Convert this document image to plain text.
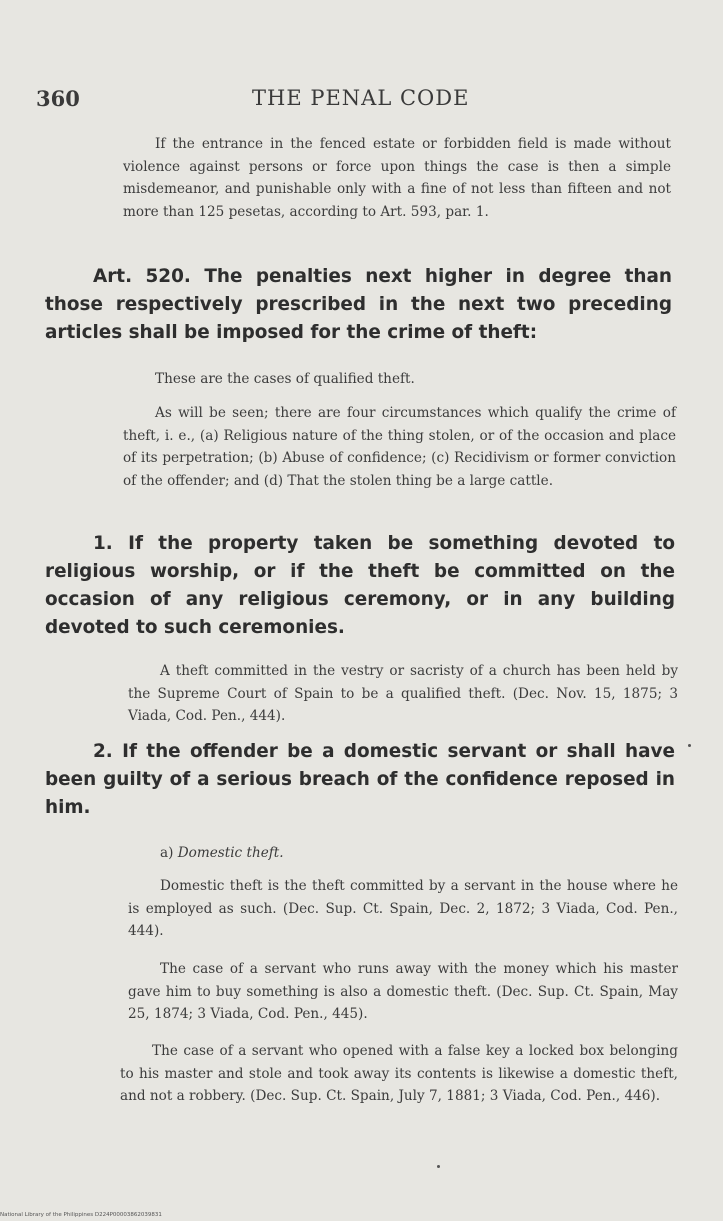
360	THE PENAL CODE

If the entrance in the fenced estate or forbidden field is made without violence against persons or force upon things the case is then a simple misdemeanor, and punishable only with a fine of not less than fifteen and not more than 125 pesetas, according to Art. 593, par. 1.

Art. 520. The penalties next higher in degree than those respectively prescribed in the next two preceding articles shall be imposed for the crime of theft:

These are the cases of qualified theft.

As will be seen; there are four circumstances which qualify the crime of theft, i. e., (a) Religious nature of the thing stolen, or of the occasion and place of its perpetration; (b) Abuse of confidence; (c) Recidivism or former conviction of the offender; and (d) That the stolen thing be a large cattle.

1. If the property taken be something devoted to religious worship, or if the theft be committed on the occasion of any religious ceremony, or in any building devoted to such ceremonies.

A theft committed in the vestry or sacristy of a church has been held by the Supreme Court of Spain to be a qualified theft. (Dec. Nov. 15, 1875; 3 Viada, Cod. Pen., 444).

2. If the offender be a domestic servant or shall have been guilty of a serious breach of the confidence reposed in him.

a) Domestic theft.

Domestic theft is the theft committed by a servant in the house where he is employed as such. (Dec. Sup. Ct. Spain, Dec. 2, 1872; 3 Viada, Cod. Pen., 444).

The case of a servant who runs away with the money which his master gave him to buy something is also a domestic theft. (Dec. Sup. Ct. Spain, May 25, 1874; 3 Viada, Cod. Pen., 445).

The case of a servant who opened with a false key a locked box belonging to his master and stole and took away its contents is likewise a domestic theft, and not a robbery. (Dec. Sup. Ct. Spain, July 7, 1881; 3 Viada, Cod. Pen., 446).

National Library of the Philippines D224P00003862039831
